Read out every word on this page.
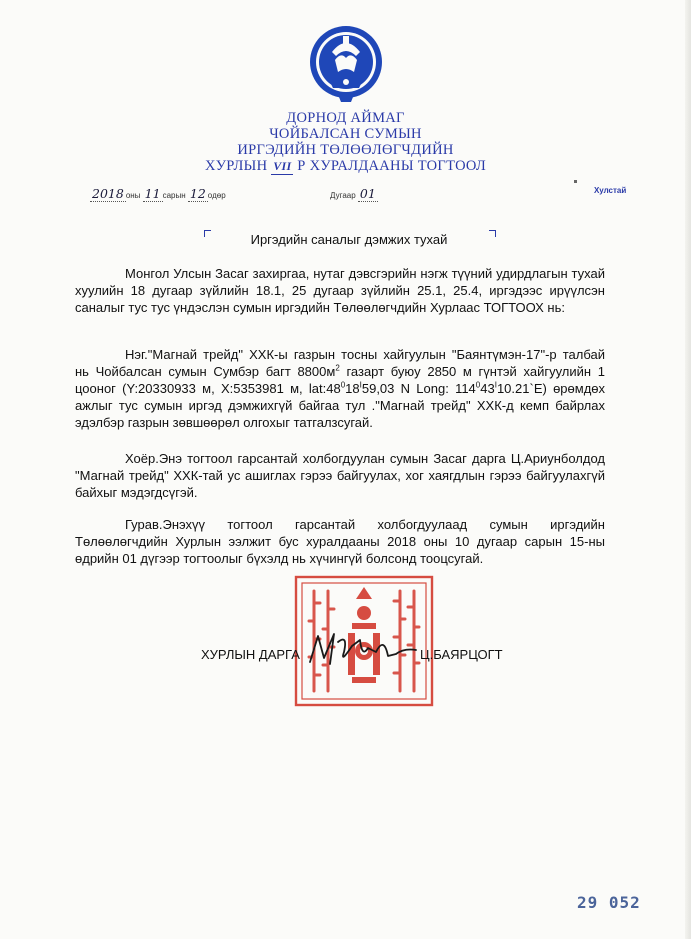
ДОРНОД АЙМАГ
ЧОЙБАЛСАН СУМЫН
ИРГЭДИЙН ТӨЛӨӨЛӨГЧДИЙН
ХУРЛЫН VII Р ХУРАЛДААНЫ ТОГТООЛ
2018 оны 11 сарын 12 одөр	Дугаар 01	Хулстай
Иргэдийн саналыг дэмжих тухай

Монгол Улсын Засаг захиргаа, нутаг дэвсгэрийн нэгж түүний удирдлагын тухай хуулийн 18 дугаар зүйлийн 18.1, 25 дугаар зүйлийн 25.1, 25.4, иргэдээс ирүүлсэн саналыг тус тус үндэслэн сумын иргэдийн Төлөөлөгчдийн Хурлаас ТОГТООХ нь:

Нэг."Магнай трейд" ХХК-ы газрын тосны хайгуулын "Баянтүмэн-17"-р талбай нь Чойбалсан сумын Сумбэр багт $8800м^2$ газарт буюу 2850 м гүнтэй хайгуулийн 1 цооног (Y:20330933 м, X:5353981 м, $lat:48^018^I59,03$ N Long: $114^043^I10.21`E$) өрөмдөх ажлыг тус сумын иргэд дэмжихгүй байгаа тул ."Магнай трейд" ХХК-д кемп байрлах эдэлбэр газрын зөвшөөрөл олгохыг татгалзсугай.

Хоёр.Энэ тогтоол гарсантай холбогдуулан сумын Засаг дарга Ц.Ариунболдод "Магнай трейд" ХХК-тай ус ашиглах гэрээ байгуулах, хог хаягдлын гэрээ байгуулахгүй байхыг мэдэгдсүгэй.

Гурав.Энэхүү тогтоол гарсантай холбогдуулаад сумын иргэдийн Төлөөлөгчдийн Хурлын ээлжит бус хуралдааны 2018 оны 10 дугаар сарын 15-ны өдрийн 01 дүгээр тогтоолыг бүхэлд нь хүчингүй болсонд тооцсугай.

ХУРЛЫН ДАРГА	Ц.БАЯРЦОГТ
29 052
